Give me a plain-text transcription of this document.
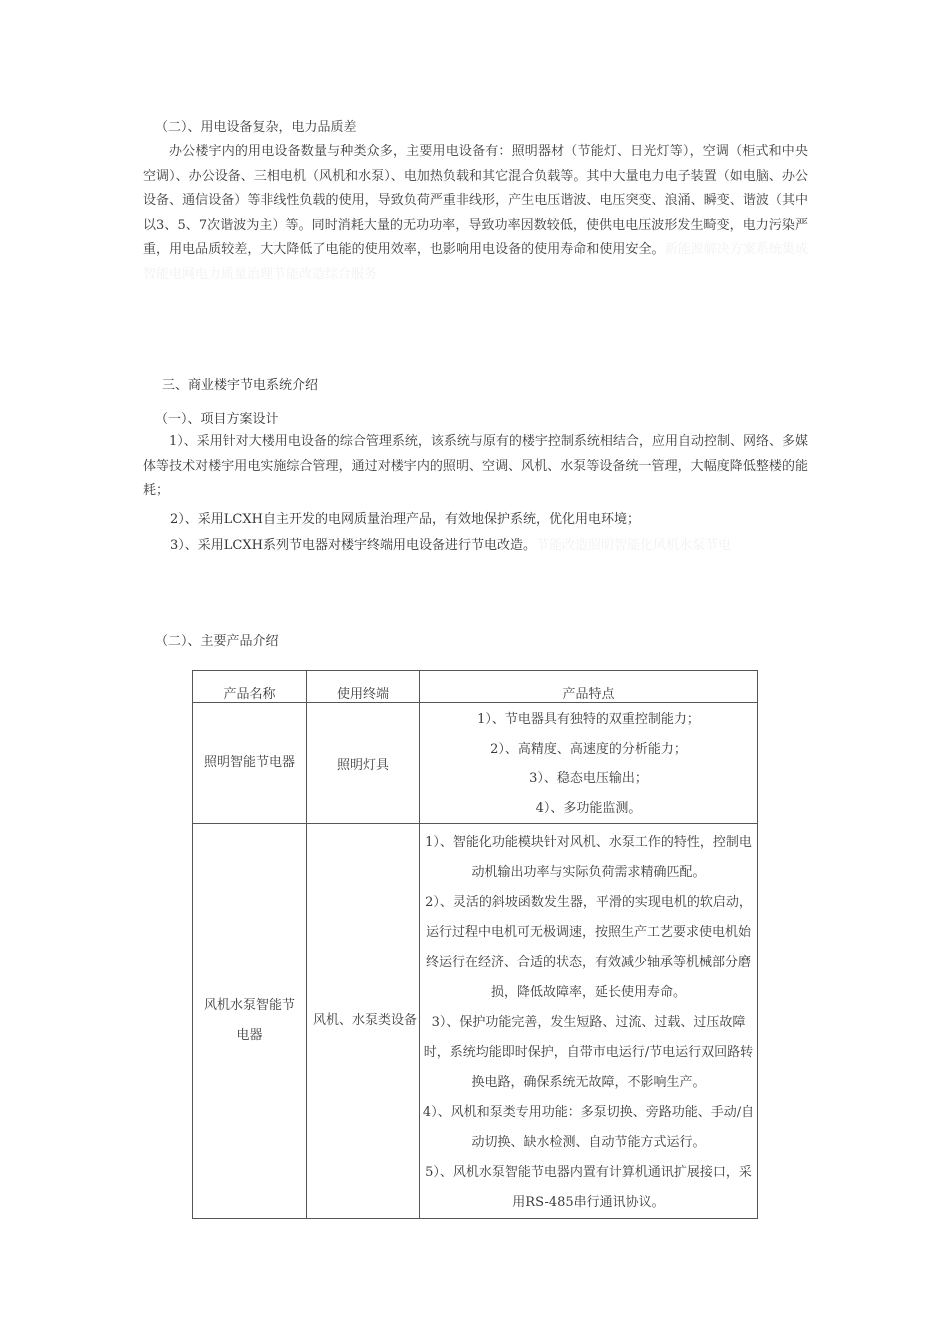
（二）、用电设备复杂，电力品质差
办公楼宇内的用电设备数量与种类众多，主要用电设备有：照明器材（节能灯、日光灯等），空调（柜式和中央空调）、办公设备、三相电机（风机和水泵）、电加热负载和其它混合负载等。其中大量电力电子装置（如电脑、办公设备、通信设备）等非线性负载的使用，导致负荷严重非线形，产生电压谐波、电压突变、浪涌、瞬变、谐波（其中以3、5、7次谐波为主）等。同时消耗大量的无功功率，导致功率因数较低，使供电电压波形发生畸变，电力污染严重，用电品质较差，大大降低了电能的使用效率，也影响用电设备的使用寿命和使用安全。新能源解决方案系统集成智能电网电力质量治理节能改造综合服务
三、商业楼宇节电系统介绍
（一）、项目方案设计
1）、采用针对大楼用电设备的综合管理系统，该系统与原有的楼宇控制系统相结合，应用自动控制、网络、多媒体等技术对楼宇用电实施综合管理，通过对楼宇内的照明、空调、风机、水泵等设备统一管理，大幅度降低整楼的能耗；
2）、采用LCXH自主开发的电网质量治理产品，有效地保护系统，优化用电环境；
3）、采用LCXH系列节电器对楼宇终端用电设备进行节电改造。节能改造照明智能化风机水泵节电
（二）、主要产品介绍
产品名称	使用终端	产品特点
照明智能节电器	照明灯具	1）、节电器具有独特的双重控制能力；
2）、高精度、高速度的分析能力；
3）、稳态电压输出；
4）、多功能监测。

风机水泵智能节电器	风机、水泵类设备	1）、智能化功能模块针对风机、水泵工作的特性，控制电动机输出功率与实际负荷需求精确匹配。
2）、灵活的斜坡函数发生器，平滑的实现电机的软启动，运行过程中电机可无极调速，按照生产工艺要求使电机始终运行在经济、合适的状态，有效减少轴承等机械部分磨损，降低故障率，延长使用寿命。
3）、保护功能完善，发生短路、过流、过载、过压故障时，系统均能即时保护，自带市电运行/节电运行双回路转换电路，确保系统无故障，不影响生产。
4）、风机和泵类专用功能：多泵切换、旁路功能、手动/自动切换、缺水检测、自动节能方式运行。
5）、风机水泵智能节电器内置有计算机通讯扩展接口，采用RS-485串行通讯协议。
